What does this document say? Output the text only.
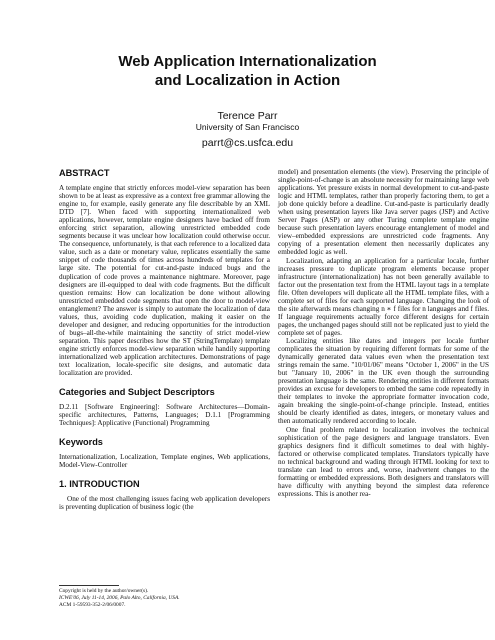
Web Application Internationalization
and Localization in Action
Terence Parr
University of San Francisco
parrt@cs.usfca.edu
ABSTRACT

A template engine that strictly enforces model-view separation has been shown to be at least as expressive as a context free grammar allowing the engine to, for example, easily generate any file describable by an XML DTD [7]. When faced with supporting internationalized web applications, however, template engine designers have backed off from enforcing strict separation, allowing unrestricted embedded code segments because it was unclear how localization could otherwise occur. The consequence, unfortunately, is that each reference to a localized data value, such as a date or monetary value, replicates essentially the same snippet of code thousands of times across hundreds of templates for a large site. The potential for cut-and-paste induced bugs and the duplication of code proves a maintenance nightmare. Moreover, page designers are ill-equipped to deal with code fragments. But the difficult question remains: How can localization be done without allowing unrestricted embedded code segments that open the door to model-view entanglement? The answer is simply to automate the localization of data values, thus, avoiding code duplication, making it easier on the developer and designer, and reducing opportunities for the introduction of bugs–all-the-while maintaining the sanctity of strict model-view separation. This paper describes how the ST (StringTemplate) template engine strictly enforces model-view separation while handily supporting internationalized web application architectures. Demonstrations of page text localization, locale-specific site designs, and automatic data localization are provided.

Categories and Subject Descriptors

D.2.11 [Software Engineering]: Software Architectures—Domain-specific architectures, Patterns, Languages; D.1.1 [Programming Techniques]: Applicative (Functional) Programming

Keywords

Internationalization, Localization, Template engines, Web applications, Model-View-Controller

1. INTRODUCTION

One of the most challenging issues facing web application developers is preventing duplication of business logic (the

Copyright is held by the author/owner(s).
ICWE'06, July 11-14, 2006, Palo Alto, California, USA.
ACM 1-59593-352-2/06/0007.

model) and presentation elements (the view). Preserving the principle of single-point-of-change is an absolute necessity for maintaining large web applications. Yet pressure exists in normal development to cut-and-paste logic and HTML templates, rather than properly factoring them, to get a job done quickly before a deadline. Cut-and-paste is particularly deadly when using presentation layers like Java server pages (JSP) and Active Server Pages (ASP) or any other Turing complete template engine because such presentation layers encourage entanglement of model and view–embedded expressions are unrestricted code fragments. Any copying of a presentation element then necessarily duplicates any embedded logic as well.

Localization, adapting an application for a particular locale, further increases pressure to duplicate program elements because proper infrastructure (internationalization) has not been generally available to factor out the presentation text from the HTML layout tags in a template file. Often developers will duplicate all the HTML template files, with a complete set of files for each supported language. Changing the look of the site afterwards means changing n ∗ f files for n languages and f files. If language requirements actually force different designs for certain pages, the unchanged pages should still not be replicated just to yield the complete set of pages.

Localizing entities like dates and integers per locale further complicates the situation by requiring different formats for some of the dynamically generated data values even when the presentation text strings remain the same. "10/01/06" means "October 1, 2006" in the US but "January 10, 2006" in the UK even though the surrounding presentation language is the same. Rendering entities in different formats provides an excuse for developers to embed the same code repeatedly in their templates to invoke the appropriate formatter invocation code, again breaking the single-point-of-change principle. Instead, entities should be clearly identified as dates, integers, or monetary values and then automatically rendered according to locale.

One final problem related to localization involves the technical sophistication of the page designers and language translators. Even graphics designers find it difficult sometimes to deal with highly-factored or otherwise complicated templates. Translators typically have no technical background and wading through HTML looking for text to translate can lead to errors and, worse, inadvertent changes to the formatting or embedded expressions. Both designers and translators will have difficulty with anything beyond the simplest data reference expressions. This is another rea-
